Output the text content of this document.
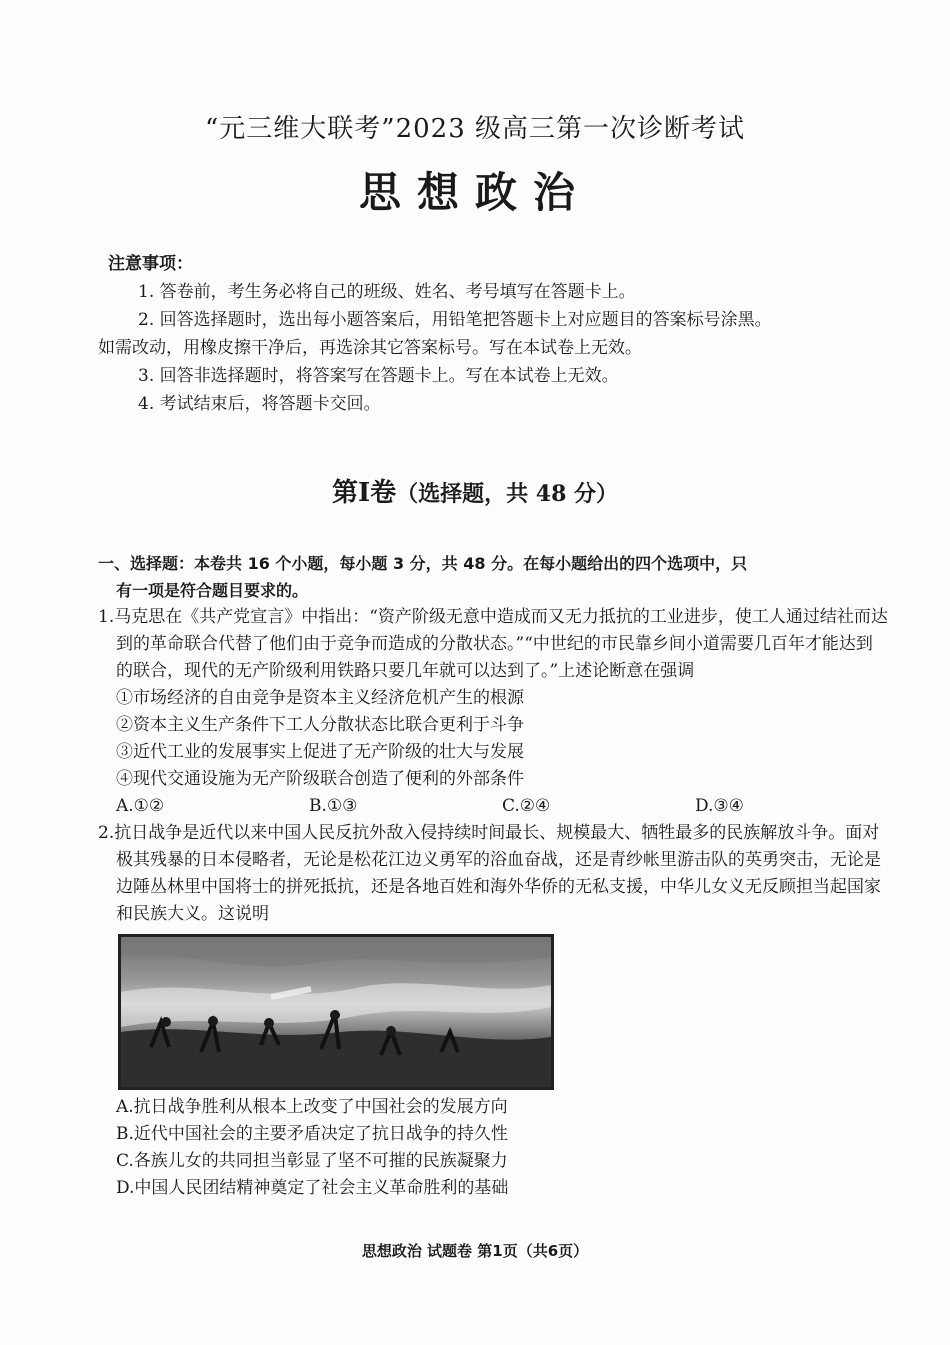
“元三维大联考”2023 级高三第一次诊断考试
思想政治
注意事项：
1. 答卷前，考生务必将自己的班级、姓名、考号填写在答题卡上。
2. 回答选择题时，选出每小题答案后，用铅笔把答题卡上对应题目的答案标号涂黑。
如需改动，用橡皮擦干净后，再选涂其它答案标号。写在本试卷上无效。
3. 回答非选择题时，将答案写在答题卡上。写在本试卷上无效。
4. 考试结束后，将答题卡交回。
第Ⅰ卷（选择题，共 48 分）
一、选择题：本卷共 16 个小题，每小题 3 分，共 48 分。在每小题给出的四个选项中，只
有一项是符合题目要求的。
1.马克思在《共产党宣言》中指出：“资产阶级无意中造成而又无力抵抗的工业进步，使工人通过结社而达到的革命联合代替了他们由于竞争而造成的分散状态。”“中世纪的市民靠乡间小道需要几百年才能达到的联合，现代的无产阶级利用铁路只要几年就可以达到了。”上述论断意在强调
①市场经济的自由竞争是资本主义经济危机产生的根源
②资本主义生产条件下工人分散状态比联合更利于斗争
③近代工业的发展事实上促进了无产阶级的壮大与发展
④现代交通设施为无产阶级联合创造了便利的外部条件
A.①②	B.①③	C.②④	D.③④
2.抗日战争是近代以来中国人民反抗外敌入侵持续时间最长、规模最大、牺牲最多的民族解放斗争。面对极其残暴的日本侵略者，无论是松花江边义勇军的浴血奋战，还是青纱帐里游击队的英勇突击，无论是边陲丛林里中国将士的拼死抵抗，还是各地百姓和海外华侨的无私支援，中华儿女义无反顾担当起国家和民族大义。这说明
A.抗日战争胜利从根本上改变了中国社会的发展方向
B.近代中国社会的主要矛盾决定了抗日战争的持久性
C.各族儿女的共同担当彰显了坚不可摧的民族凝聚力
D.中国人民团结精神奠定了社会主义革命胜利的基础
思想政治 试题卷 第1页（共6页）
